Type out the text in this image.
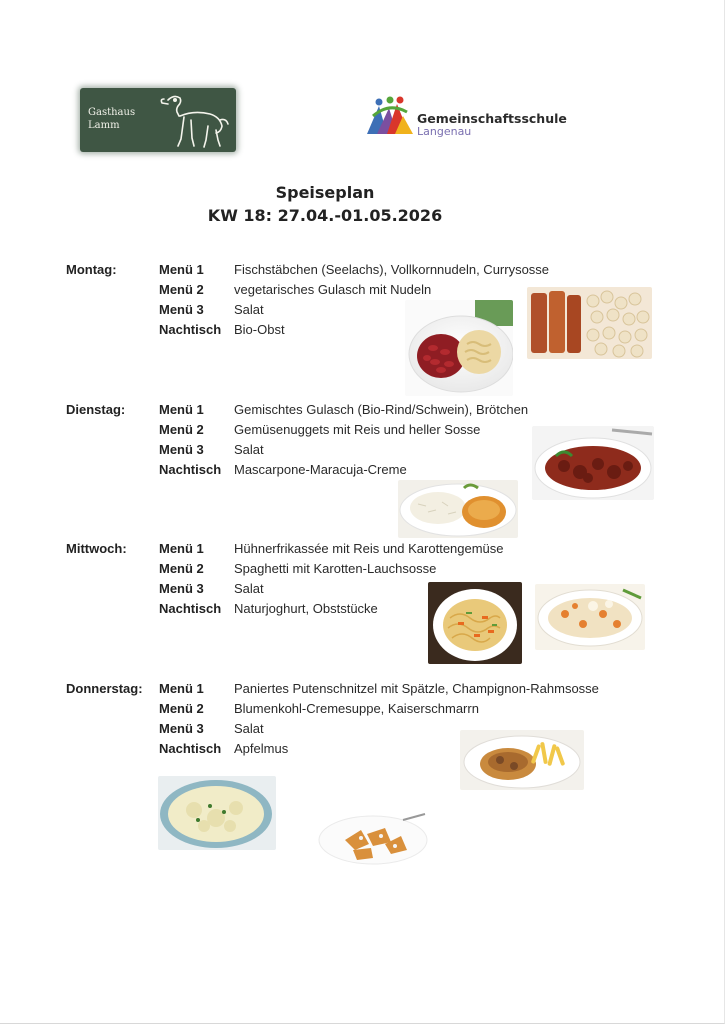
Gasthaus
Lamm	Gemeinschaftsschule
Langenau
Speiseplan
KW 18: 27.04.-01.05.2026
Montag:	Menü 1 Fischstäbchen (Seelachs), Vollkornnudeln, Currysosse
Menü 2 vegetarisches Gulasch mit Nudeln
Menü 3 Salat
Nachtisch Bio-Obst
Dienstag:	Menü 1 Gemischtes Gulasch (Bio-Rind/Schwein), Brötchen
Menü 2 Gemüsenuggets mit Reis und heller Sosse
Menü 3 Salat
Nachtisch Mascarpone-Maracuja-Creme
Mittwoch: Menü 1 Hühnerfrikassée mit Reis und Karottengemüse
Menü 2 Spaghetti mit Karotten-Lauchsosse
Menü 3 Salat
Nachtisch Naturjoghurt, Obststücke
Donnerstag: Menü 1 Paniertes Putenschnitzel mit Spätzle, Champignon-Rahmsosse
Menü 2 Blumenkohl-Cremesuppe, Kaiserschmarrn
Menü 3 Salat
Nachtisch Apfelmus
